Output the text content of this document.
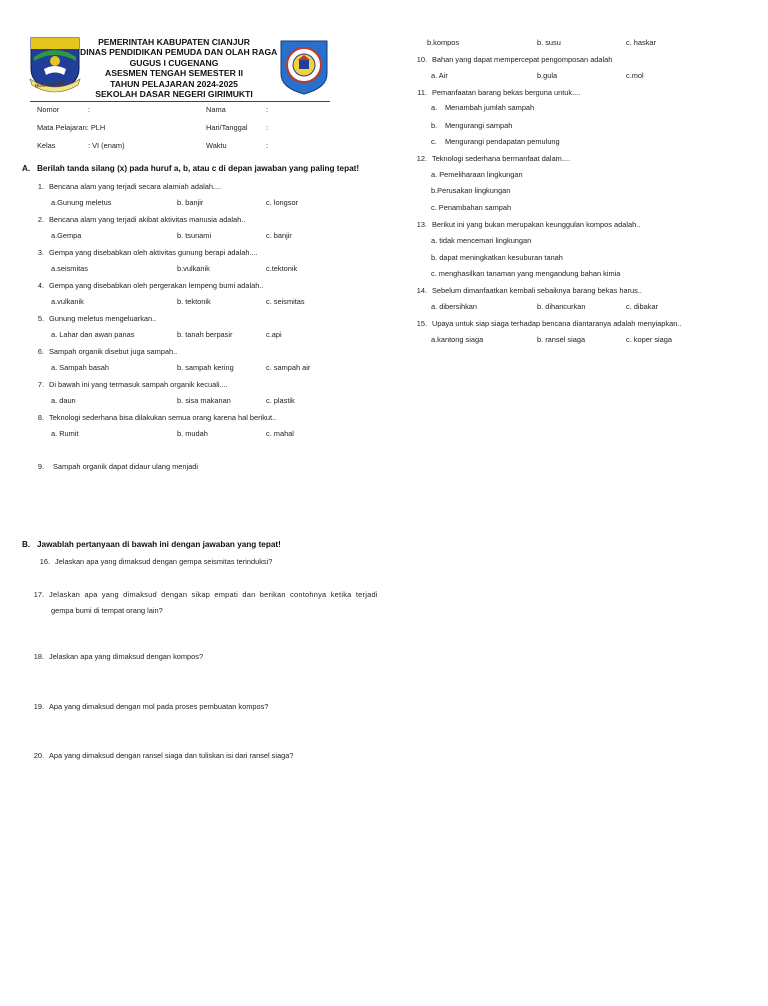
BUGIH MUNTI
PEMERINTAH KABUPATEN CIANJUR
DINAS PENDIDIKAN PEMUDA DAN OLAH RAGA
GUGUS I CUGENANG
ASESMEN TENGAH SEMESTER II
TAHUN PELAJARAN 2024-2025
SEKOLAH DASAR NEGERI GIRIMUKTI
Nomor	:	Nama	:
Mata Pelajaran: PLH	Hari/Tanggal	:
Kelas	: VI (enam)	Waktu	:
A. Berilah tanda silang (x) pada huruf a, b, atau c di depan jawaban yang paling tepat!
1. Bencana alam yang terjadi secara alamiah adalah....
a.Gunung meletus	b. banjir	c. longsor
2. Bencana alam yang terjadi akibat aktivitas manusia adalah..
a.Gempa	b. tsunami	c. banjir
3. Gempa yang disebabkan oleh aktivitas gunung berapi adalah....
a.seismitas	b.vulkanik	c.tektonik
4. Gempa yang disebabkan oleh pergerakan lempeng bumi adalah..
a.vulkanik	b. tektonik	c. seismitas
5. Gunung meletus mengeluarkan..
a. Lahar dan awan panas	b. tanah berpasir	c.api
6. Sampah organik disebut juga sampah..
a. Sampah basah	b. sampah kering	c. sampah air
7. Di bawah ini yang termasuk sampah organik kecuali....
a. daun	b. sisa makanan	c. plastik
8. Teknologi sederhana bisa dilakukan semua orang karena hal berikut..
a. Rumit	b. mudah	c. mahal
9. Sampah organik dapat didaur ulang menjadi
b.kompos	b. susu	c. haskar
10. Bahan yang dapat mempercepat pengomposan adalah
a. Air	b.gula	c.mol
11. Pemanfaatan barang bekas berguna untuk....
a. Menambah jumlah sampah
b. Mengurangi sampah
c. Mengurangi pendapatan pemulung
12. Teknologi sederhana bermanfaat dalam....
a. Pemeliharaan lingkungan
b.Perusakan lingkungan
c. Penambahan sampah
13. Berikut ini yang bukan merupakan keunggulan kompos adalah..
a. tidak mencemari lingkungan
b. dapat meningkatkan kesuburan tanah
c. menghasilkan tanaman yang mengandung bahan kimia
14. Sebelum dimanfaatkan kembali sebaiknya barang bekas harus..
a. dibersihkan	b. dihancurkan	c. dibakar
15. Upaya untuk siap siaga terhadap bencana diantaranya adalah menyiapkan..
a.kantong siaga	b. ransel siaga	c. koper siaga
B. Jawablah pertanyaan di bawah ini dengan jawaban yang tepat!
16. Jelaskan apa yang dimaksud dengan gempa seismitas terinduksi?
17. Jelaskan apa yang dimaksud dengan sikap empati dan berikan contohnya ketika terjadi
gempa bumi di tempat orang lain?
18. Jelaskan apa yang dimaksud dengan kompos?
19. Apa yang dimaksud dengan mol pada proses pembuatan kompos?
20. Apa yang dimaksud dengan ransel siaga dan tuliskan isi dari ransel siaga?
